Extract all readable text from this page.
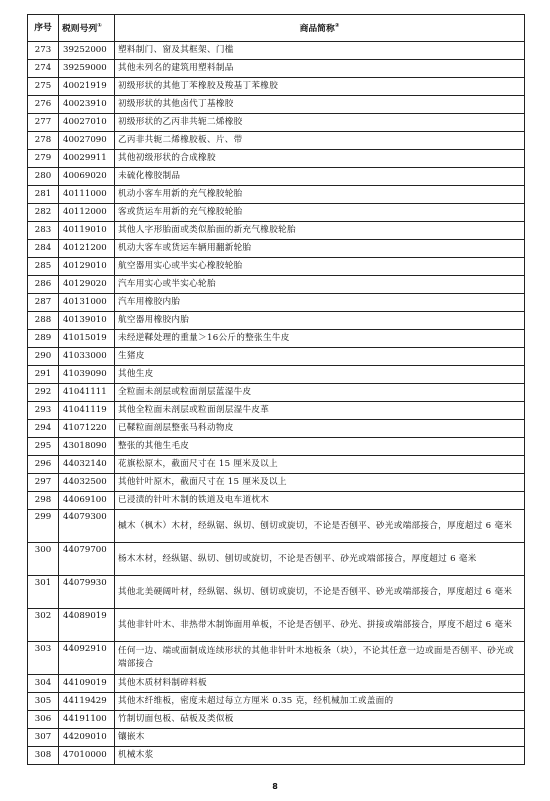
序号	税则号列①	商品简称②
273	39252000	塑料制门、窗及其框架、门槛
274	39259000	其他未列名的建筑用塑料制品
275	40021919	初级形状的其他丁苯橡胶及羧基丁苯橡胶
276	40023910	初级形状的其他卤代丁基橡胶
277	40027010	初级形状的乙丙非共轭二烯橡胶
278	40027090	乙丙非共轭二烯橡胶板、片、带
279	40029911	其他初级形状的合成橡胶
280	40069020	未硫化橡胶制品
281	40111000	机动小客车用新的充气橡胶轮胎
282	40112000	客或货运车用新的充气橡胶轮胎
283	40119010	其他人字形胎面或类似胎面的新充气橡胶轮胎
284	40121200	机动大客车或货运车辆用翻新轮胎
285	40129010	航空器用实心或半实心橡胶轮胎
286	40129020	汽车用实心或半实心轮胎
287	40131000	汽车用橡胶内胎
288	40139010	航空器用橡胶内胎
289	41015019	未经逆鞣处理的重量＞16公斤的整张生牛皮
290	41033000	生猪皮
291	41039090	其他生皮
292	41041111	全粒面未剖层或粒面剖层蓝湿牛皮
293	41041119	其他全粒面未剖层或粒面剖层湿牛皮革
294	41071220	已鞣粒面剖层整张马科动物皮
295	43018090	整张的其他生毛皮
296	44032140	花旗松原木，截面尺寸在 15 厘米及以上
297	44032500	其他针叶原木，截面尺寸在 15 厘米及以上
298	44069100	已浸渍的针叶木制的铁道及电车道枕木
299	44079300	槭木（枫木）木材，经纵锯、纵切、刨切或旋切，不论是否刨平、砂光或端部接合，厚度超过 6 毫米
300	44079700	杨木木材，经纵锯、纵切、刨切或旋切，不论是否刨平、砂光或端部接合，厚度超过 6 毫米
301	44079930	其他北美硬阔叶材，经纵锯、纵切、刨切或旋切，不论是否刨平、砂光或端部接合，厚度超过 6 毫米
302	44089019	其他非针叶木、非热带木制饰面用单板，不论是否刨平、砂光、拼接或端部接合，厚度不超过 6 毫米
303	44092910	任何一边、端或面制成连续形状的其他非针叶木地板条（块），不论其任意一边或面是否刨平、砂光或端部接合
304	44109019	其他木质材料制碎料板
305	44119429	其他木纤维板，密度未超过每立方厘米 0.35 克，经机械加工或盖面的
306	44191100	竹制切面包板、砧板及类似板
307	44209010	镶嵌木
308	47010000	机械木浆
8
